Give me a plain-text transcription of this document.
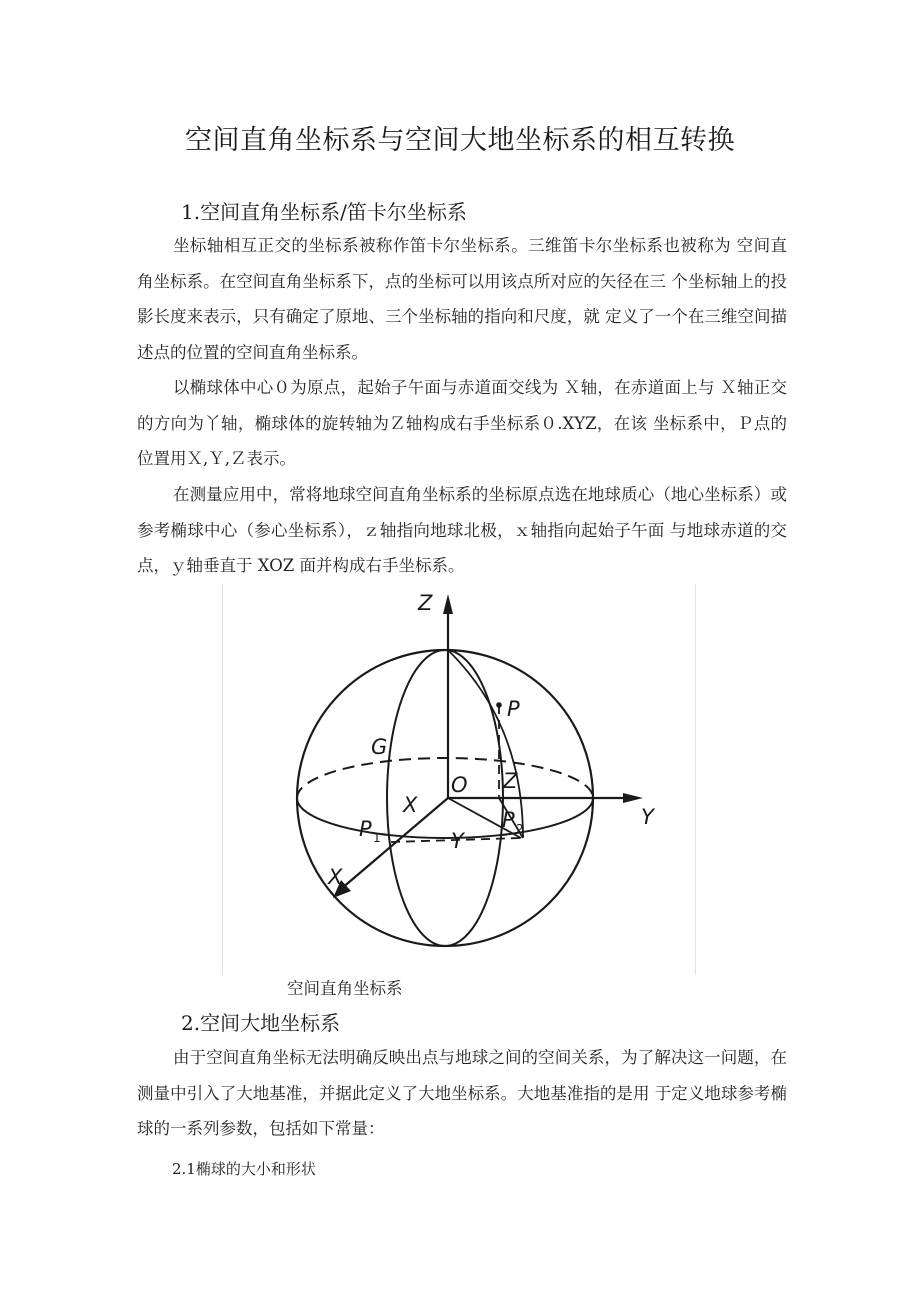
空间直角坐标系与空间大地坐标系的相互转换
1.空间直角坐标系/笛卡尔坐标系
坐标轴相互正交的坐标系被称作笛卡尔坐标系。三维笛卡尔坐标系也被称为 空间直角坐标系。在空间直角坐标系下，点的坐标可以用该点所对应的矢径在三 个坐标轴上的投影长度来表示，只有确定了原地、三个坐标轴的指向和尺度，就 定义了一个在三维空间描述点的位置的空间直角坐标系。
以椭球体中心０为原点，起始子午面与赤道面交线为 Ｘ轴，在赤道面上与 Ｘ轴正交的方向为丫轴，椭球体的旋转轴为Ｚ轴构成右手坐标系０.XYZ，在该 坐标系中，Ｐ点的位置用Ｘ,Ｙ,Ｚ表示。
在测量应用中，常将地球空间直角坐标系的坐标原点选在地球质心（地心坐标系）或参考椭球中心（参心坐标系），ｚ轴指向地球北极，ｘ轴指向起始子午面 与地球赤道的交点，ｙ轴垂直于 XOZ 面并构成右手坐标系。
Z
Y
X
P
G
O
X
Y
Z
P 1
P 2
空间直角坐标系
2.空间大地坐标系
由于空间直角坐标无法明确反映出点与地球之间的空间关系，为了解决这一问题，在测量中引入了大地基准，并据此定义了大地坐标系。大地基准指的是用 于定义地球参考椭球的一系列参数，包括如下常量：
2.1椭球的大小和形状
